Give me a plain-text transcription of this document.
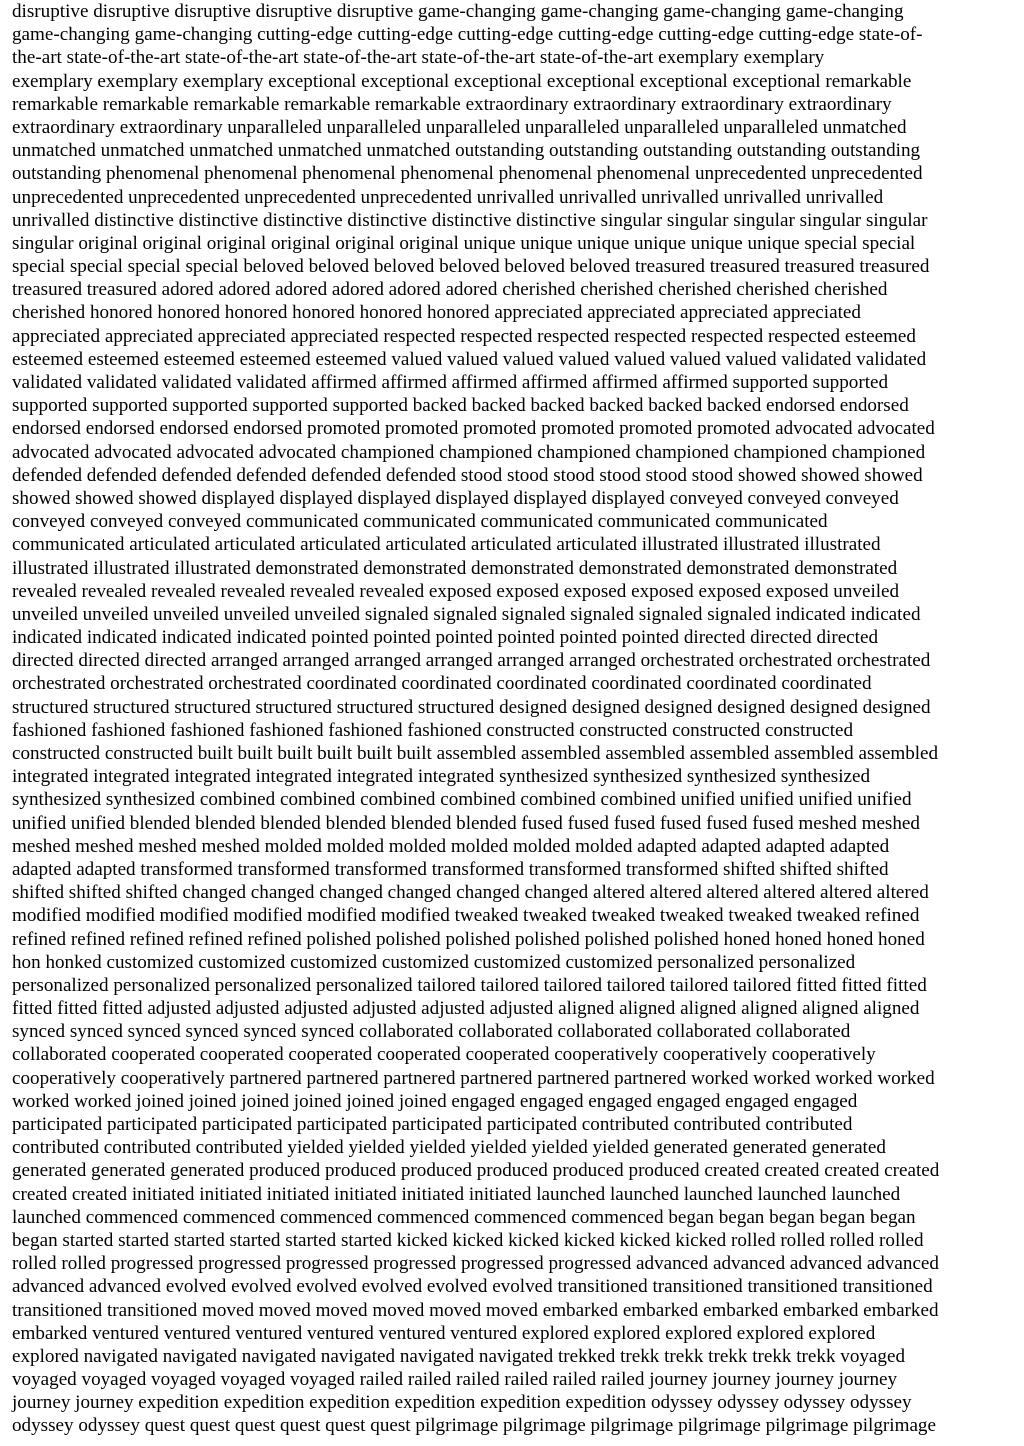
disruptive disruptive disruptive disruptive disruptive game-changing game-changing game-changing game-changing
game-changing game-changing cutting-edge cutting-edge cutting-edge cutting-edge cutting-edge cutting-edge state-of-
the-art state-of-the-art state-of-the-art state-of-the-art state-of-the-art state-of-the-art exemplary exemplary
exemplary exemplary exemplary exceptional exceptional exceptional exceptional exceptional exceptional remarkable
remarkable remarkable remarkable remarkable remarkable extraordinary extraordinary extraordinary extraordinary
extraordinary extraordinary unparalleled unparalleled unparalleled unparalleled unparalleled unparalleled unmatched
unmatched unmatched unmatched unmatched unmatched outstanding outstanding outstanding outstanding outstanding
outstanding phenomenal phenomenal phenomenal phenomenal phenomenal phenomenal unprecedented unprecedented
unprecedented unprecedented unprecedented unprecedented unrivalled unrivalled unrivalled unrivalled unrivalled
unrivalled distinctive distinctive distinctive distinctive distinctive distinctive singular singular singular singular singular
singular original original original original original original unique unique unique unique unique unique special special
special special special special beloved beloved beloved beloved beloved beloved treasured treasured treasured treasured
treasured treasured adored adored adored adored adored adored cherished cherished cherished cherished cherished
cherished honored honored honored honored honored honored appreciated appreciated appreciated appreciated
appreciated appreciated appreciated appreciated respected respected respected respected respected respected esteemed
esteemed esteemed esteemed esteemed esteemed valued valued valued valued valued valued valued validated validated
validated validated validated validated affirmed affirmed affirmed affirmed affirmed affirmed supported supported
supported supported supported supported supported backed backed backed backed backed backed endorsed endorsed
endorsed endorsed endorsed endorsed promoted promoted promoted promoted promoted promoted advocated advocated
advocated advocated advocated advocated championed championed championed championed championed championed
defended defended defended defended defended defended stood stood stood stood stood stood showed showed showed
showed showed showed displayed displayed displayed displayed displayed displayed conveyed conveyed conveyed
conveyed conveyed conveyed communicated communicated communicated communicated communicated
communicated articulated articulated articulated articulated articulated articulated illustrated illustrated illustrated
illustrated illustrated illustrated demonstrated demonstrated demonstrated demonstrated demonstrated demonstrated
revealed revealed revealed revealed revealed revealed exposed exposed exposed exposed exposed exposed unveiled
unveiled unveiled unveiled unveiled unveiled signaled signaled signaled signaled signaled signaled indicated indicated
indicated indicated indicated indicated pointed pointed pointed pointed pointed pointed directed directed directed
directed directed directed arranged arranged arranged arranged arranged arranged orchestrated orchestrated orchestrated
orchestrated orchestrated orchestrated coordinated coordinated coordinated coordinated coordinated coordinated
structured structured structured structured structured structured designed designed designed designed designed designed
fashioned fashioned fashioned fashioned fashioned fashioned constructed constructed constructed constructed
constructed constructed built built built built built built assembled assembled assembled assembled assembled assembled
integrated integrated integrated integrated integrated integrated synthesized synthesized synthesized synthesized
synthesized synthesized combined combined combined combined combined combined unified unified unified unified
unified unified blended blended blended blended blended blended fused fused fused fused fused fused meshed meshed
meshed meshed meshed meshed molded molded molded molded molded molded adapted adapted adapted adapted
adapted adapted transformed transformed transformed transformed transformed transformed shifted shifted shifted
shifted shifted shifted changed changed changed changed changed changed altered altered altered altered altered altered
modified modified modified modified modified modified tweaked tweaked tweaked tweaked tweaked tweaked refined
refined refined refined refined refined polished polished polished polished polished polished honed honed honed honed
hon honked customized customized customized customized customized customized personalized personalized
personalized personalized personalized personalized tailored tailored tailored tailored tailored tailored fitted fitted fitted
fitted fitted fitted adjusted adjusted adjusted adjusted adjusted adjusted aligned aligned aligned aligned aligned aligned
synced synced synced synced synced synced collaborated collaborated collaborated collaborated collaborated
collaborated cooperated cooperated cooperated cooperated cooperated cooperatively cooperatively cooperatively
cooperatively cooperatively partnered partnered partnered partnered partnered partnered worked worked worked worked
worked worked joined joined joined joined joined joined engaged engaged engaged engaged engaged engaged
participated participated participated participated participated participated contributed contributed contributed
contributed contributed contributed yielded yielded yielded yielded yielded yielded generated generated generated
generated generated generated produced produced produced produced produced produced created created created created
created created initiated initiated initiated initiated initiated initiated launched launched launched launched launched
launched commenced commenced commenced commenced commenced commenced began began began began began
began started started started started started started kicked kicked kicked kicked kicked kicked rolled rolled rolled rolled
rolled rolled progressed progressed progressed progressed progressed progressed advanced advanced advanced advanced
advanced advanced evolved evolved evolved evolved evolved evolved transitioned transitioned transitioned transitioned
transitioned transitioned moved moved moved moved moved moved embarked embarked embarked embarked embarked
embarked ventured ventured ventured ventured ventured ventured explored explored explored explored explored
explored navigated navigated navigated navigated navigated navigated trekked trekk trekk trekk trekk trekk voyaged
voyaged voyaged voyaged voyaged voyaged railed railed railed railed railed railed journey journey journey journey
journey journey expedition expedition expedition expedition expedition expedition odyssey odyssey odyssey odyssey
odyssey odyssey quest quest quest quest quest quest pilgrimage pilgrimage pilgrimage pilgrimage pilgrimage pilgrimage
